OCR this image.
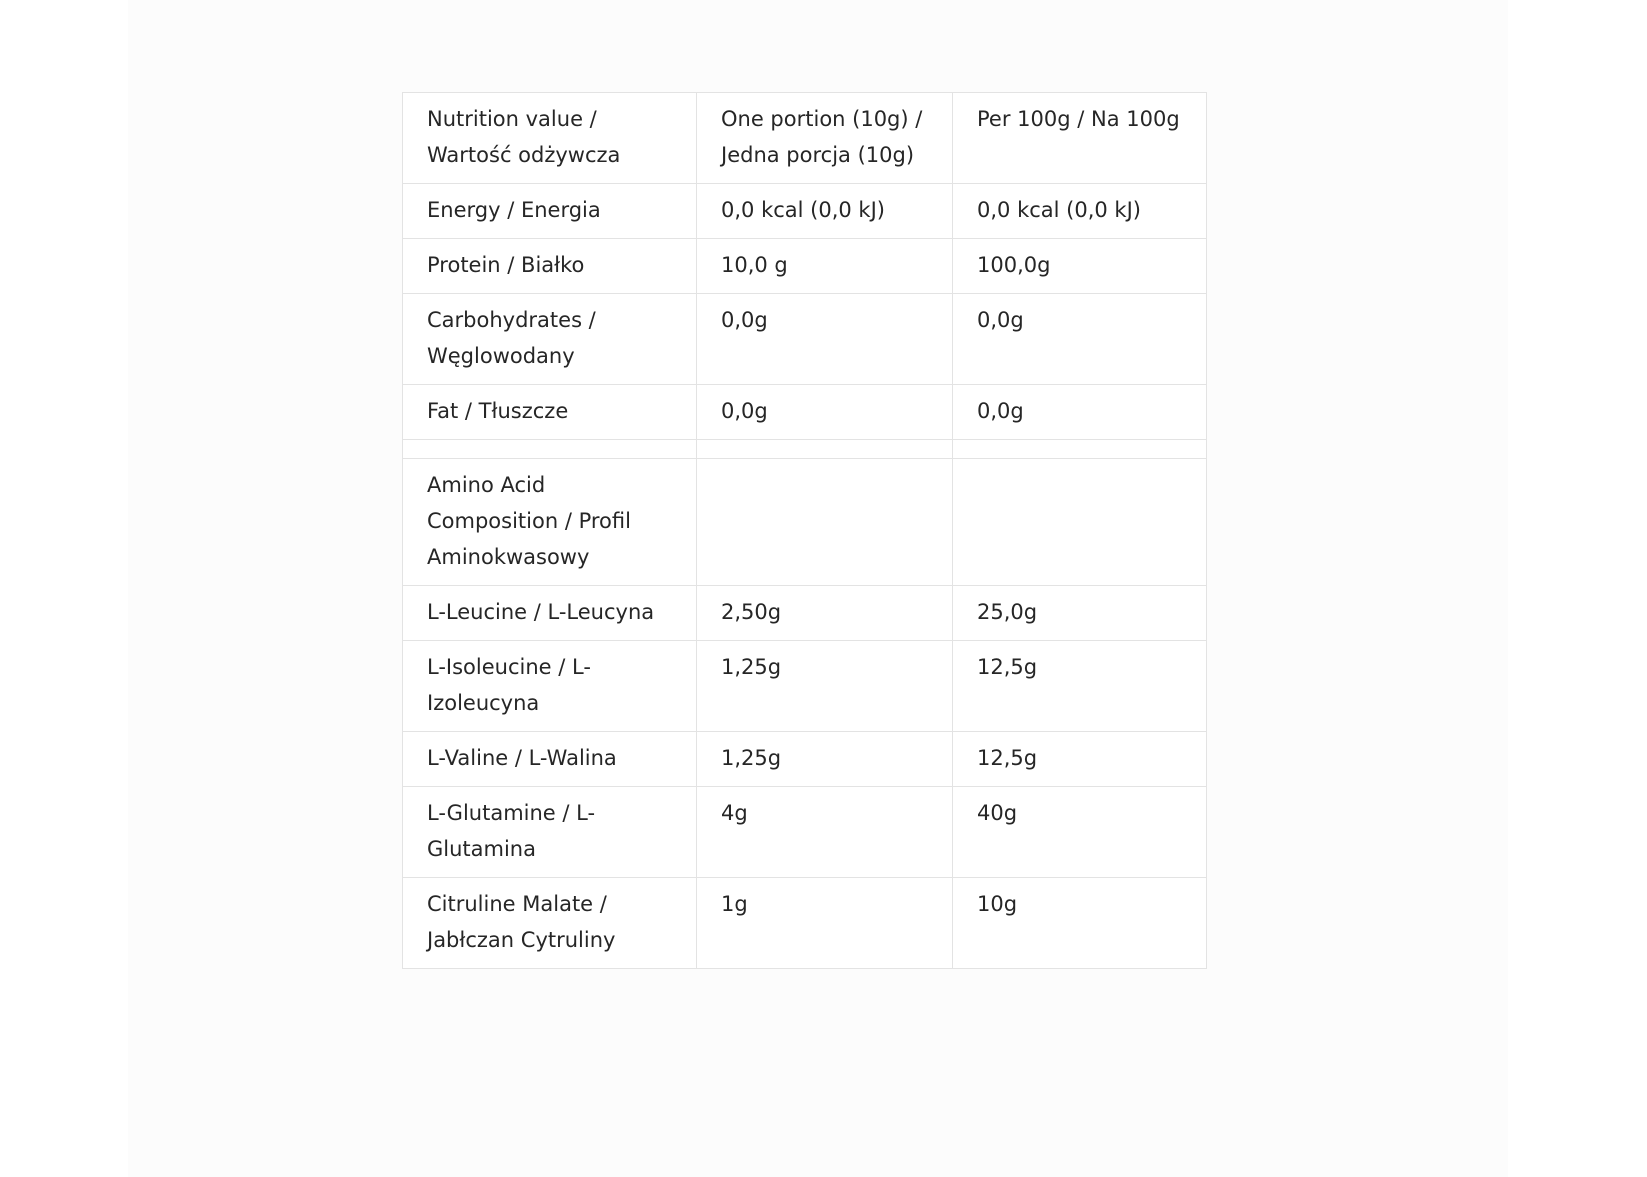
Nutrition value / Wartość odżywcza	One portion (10g) / Jedna porcja (10g)	Per 100g / Na 100g
Energy / Energia	0,0 kcal (0,0 kJ)	0,0 kcal (0,0 kJ)
Protein / Białko	10,0 g	100,0g
Carbohydrates / Węglowodany	0,0g	0,0g
Fat / Tłuszcze	0,0g	0,0g

Amino Acid Composition / Profil Aminokwasowy		
L-Leucine / L-Leucyna	2,50g	25,0g
L-Isoleucine / L-Izoleucyna	1,25g	12,5g
L-Valine / L-Walina	1,25g	12,5g
L-Glutamine / L-Glutamina	4g	40g
Citruline Malate / Jabłczan Cytruliny	1g	10g
